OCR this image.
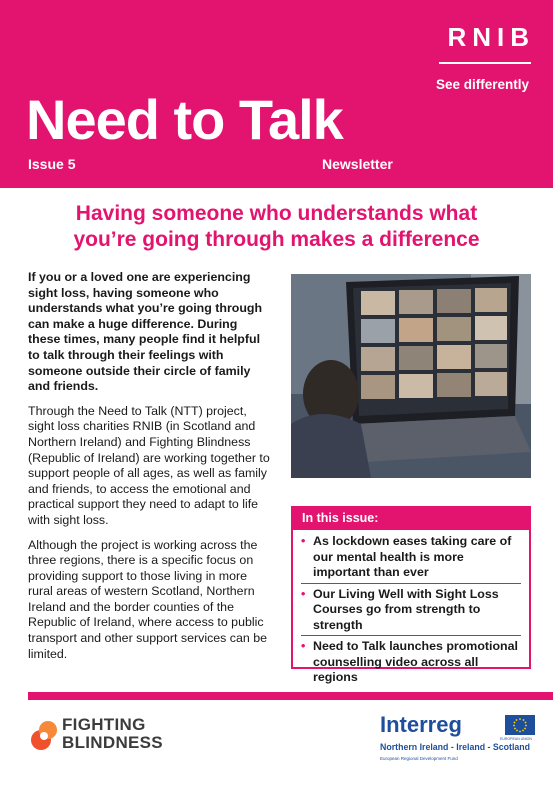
RNIB
See differently
Need to Talk
Issue 5	Newsletter
Having someone who understands what
you’re going through makes a difference

If you or a loved one are experiencing sight loss, having someone who understands what you’re going through can make a huge difference. During these times, many people find it helpful to talk through their feelings with someone outside their circle of family and friends.

Through the Need to Talk (NTT) project, sight loss charities RNIB (in Scotland and Northern Ireland) and Fighting Blindness (Republic of Ireland) are working together to support people of all ages, as well as family and friends, to access the emotional and practical support they need to adapt to life with sight loss.

Although the project is working across the three regions, there is a specific focus on providing support to those living in more rural areas of western Scotland, Northern Ireland and the border counties of the Republic of Ireland, where access to public transport and other support services can be limited.

In this issue:
• As lockdown eases taking care of our mental health is more important than ever
• Our Living Well with Sight Loss Courses go from strength to strength
• Need to Talk launches promotional counselling video across all regions
FIGHTING
BLINDNESS
Interreg
EUROPEAN UNION
Northern Ireland - Ireland - Scotland
European Regional Development Fund
